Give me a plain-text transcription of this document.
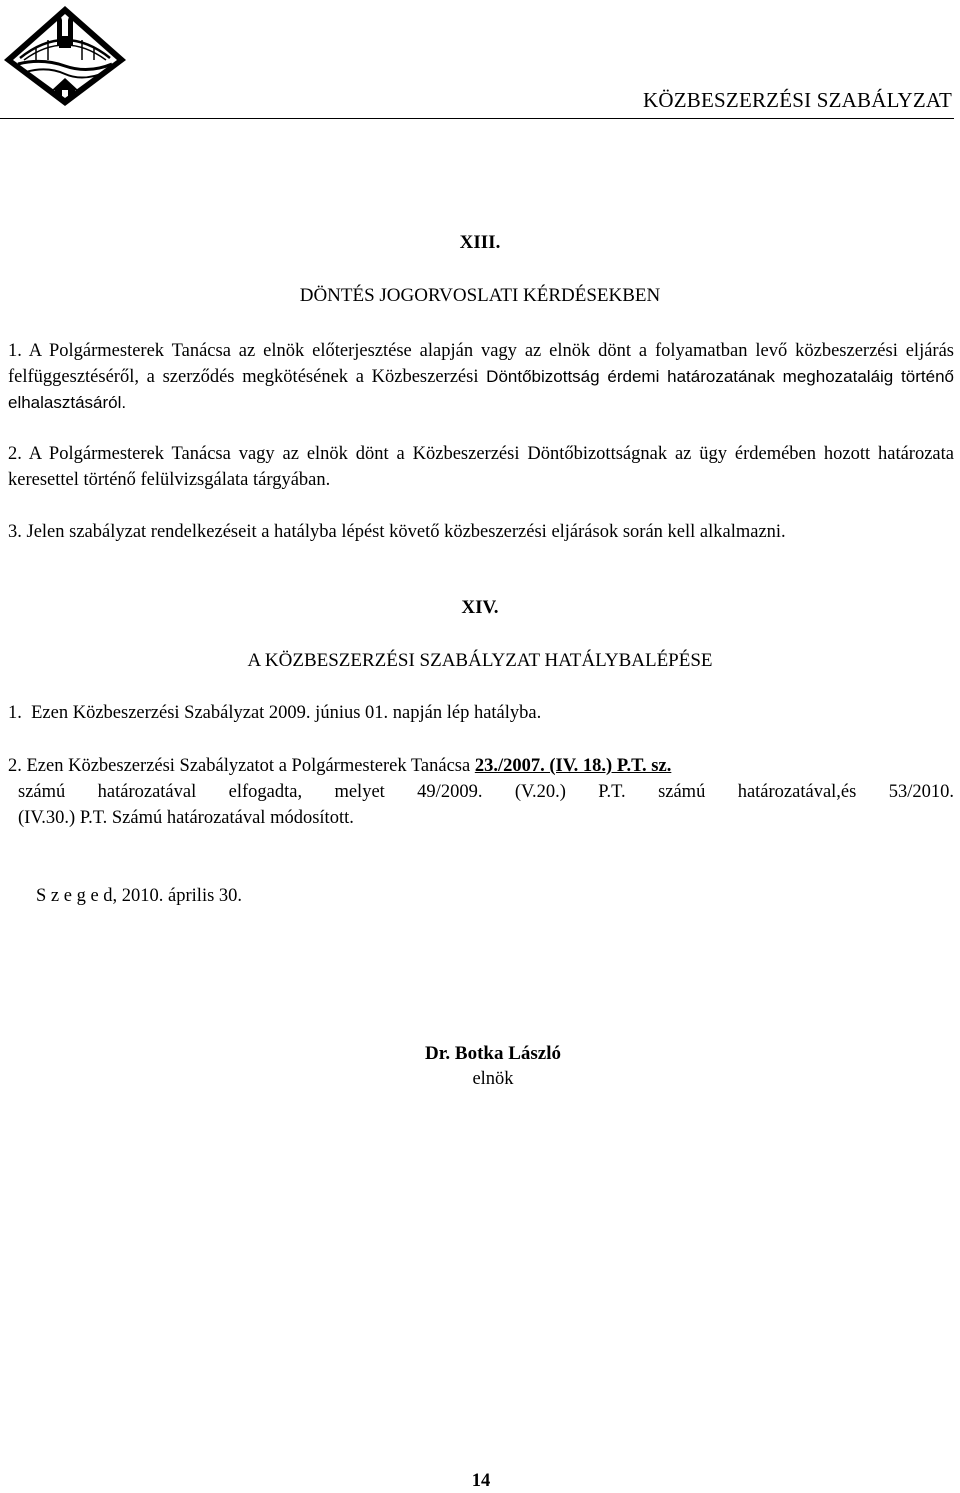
KÖZBESZERZÉSI SZABÁLYZAT
XIII.
DÖNTÉS JOGORVOSLATI KÉRDÉSEKBEN
1. A Polgármesterek Tanácsa az elnök előterjesztése alapján vagy az elnök dönt a folyamatban levő közbeszerzési eljárás felfüggesztéséről, a szerződés megkötésének a Közbeszerzési Döntőbizottság érdemi határozatának meghozataláig történő elhalasztásáról.
2. A Polgármesterek Tanácsa vagy az elnök dönt a Közbeszerzési Döntőbizottságnak az ügy érdemében hozott határozata keresettel történő felülvizsgálata tárgyában.
3. Jelen szabályzat rendelkezéseit a hatályba lépést követő közbeszerzési eljárások során kell alkalmazni.
XIV.
A KÖZBESZERZÉSI SZABÁLYZAT HATÁLYBALÉPÉSE
1.  Ezen Közbeszerzési Szabályzat 2009. június 01. napján lép hatályba.
2. Ezen Közbeszerzési Szabályzatot a Polgármesterek Tanácsa 23./2007. (IV. 18.) P.T. sz.
számú határozatával elfogadta, melyet 49/2009. (V.20.) P.T. számú határozatával,és 53/2010.
(IV.30.) P.T. Számú határozatával módosított.
S z e g e d, 2010. április 30.
Dr. Botka László
elnök
14
